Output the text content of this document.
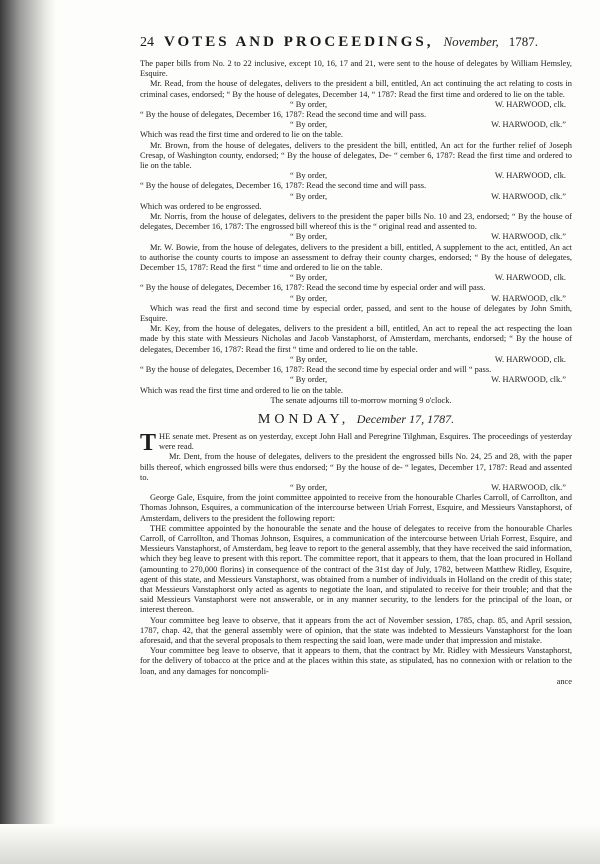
24 VOTES AND PROCEEDINGS, November, 1787.

The paper bills from No. 2 to 22 inclusive, except 10, 16, 17 and 21, were sent to the house of delegates by William Hemsley, Esquire.

Mr. Read, from the house of delegates, delivers to the president a bill, entitled, An act continuing the act relating to costs in criminal cases, endorsed; “ By the house of delegates, December 14, “ 1787: Read the first time and ordered to lie on the table.

“ By order,	W. HARWOOD, clk.

“ By the house of delegates, December 16, 1787: Read the second time and will pass.

“ By order,	W. HARWOOD, clk.”

Which was read the first time and ordered to lie on the table.

Mr. Brown, from the house of delegates, delivers to the president the bill, entitled, An act for the further relief of Joseph Cresap, of Washington county, endorsed; “ By the house of delegates, De- “ cember 6, 1787: Read the first time and ordered to lie on the table.

“ By order,	W. HARWOOD, clk.

“ By the house of delegates, December 16, 1787: Read the second time and will pass.

“ By order,	W. HARWOOD, clk.”

Which was ordered to be engrossed.

Mr. Norris, from the house of delegates, delivers to the president the paper bills No. 10 and 23, endorsed; “ By the house of delegates, December 16, 1787: The engrossed bill whereof this is the “ original read and assented to.

“ By order,	W. HARWOOD, clk.”

Mr. W. Bowie, from the house of delegates, delivers to the president a bill, entitled, A supplement to the act, entitled, An act to authorise the county courts to impose an assessment to defray their county charges, endorsed; “ By the house of delegates, December 15, 1787: Read the first “ time and ordered to lie on the table.

“ By order,	W. HARWOOD, clk.

“ By the house of delegates, December 16, 1787: Read the second time by especial order and will pass.

“ By order,	W. HARWOOD, clk.”

Which was read the first and second time by especial order, passed, and sent to the house of delegates by John Smith, Esquire.

Mr. Key, from the house of delegates, delivers to the president a bill, entitled, An act to repeal the act respecting the loan made by this state with Messieurs Nicholas and Jacob Vanstaphorst, of Amsterdam, merchants, endorsed; “ By the house of delegates, December 16, 1787: Read the first “ time and ordered to lie on the table.

“ By order,	W. HARWOOD, clk.

“ By the house of delegates, December 16, 1787: Read the second time by especial order and will “ pass.

“ By order,	W. HARWOOD, clk.”

Which was read the first time and ordered to lie on the table.

The senate adjourns till to-morrow morning 9 o'clock.

MONDAY, December 17, 1787.
T HE senate met. Present as on yesterday, except John Hall and Peregrine Tilghman, Esquires. The proceedings of yesterday were read.

Mr. Dent, from the house of delegates, delivers to the president the engrossed bills No. 24, 25 and 28, with the paper bills thereof, which engrossed bills were thus endorsed; “ By the house of de- “ legates, December 17, 1787: Read and assented to.

“ By order,	W. HARWOOD, clk.”

George Gale, Esquire, from the joint committee appointed to receive from the honourable Charles Carroll, of Carrollton, and Thomas Johnson, Esquires, a communication of the intercourse between Uriah Forrest, Esquire, and Messieurs Vanstaphorst, of Amsterdam, delivers to the president the following report:

THE committee appointed by the honourable the senate and the house of delegates to receive from the honourable Charles Carroll, of Carrollton, and Thomas Johnson, Esquires, a communication of the intercourse between Uriah Forrest, Esquire, and Messieurs Vanstaphorst, of Amsterdam, beg leave to report to the general assembly, that they have received the said information, which they beg leave to present with this report. The committee report, that it appears to them, that the loan procured in Holland (amounting to 270,000 florins) in consequence of the contract of the 31st day of July, 1782, between Matthew Ridley, Esquire, agent of this state, and Messieurs Vanstaphorst, was obtained from a number of individuals in Holland on the credit of this state; that Messieurs Vanstaphorst only acted as agents to negotiate the loan, and stipulated to receive for their trouble; and that the said Messieurs Vanstaphorst were not answerable, or in any manner security, to the lenders for the principal of the loan, or interest thereon.

Your committee beg leave to observe, that it appears from the act of November session, 1785, chap. 85, and April session, 1787, chap. 42, that the general assembly were of opinion, that the state was indebted to Messieurs Vanstaphorst for the loan aforesaid, and that the several proposals to them respecting the said loan, were made under that impression and mistake.

Your committee beg leave to observe, that it appears to them, that the contract by Mr. Ridley with Messieurs Vanstaphorst, for the delivery of tobacco at the price and at the places within this state, as stipulated, has no connexion with or relation to the loan, and any damages for noncompli-

ance
